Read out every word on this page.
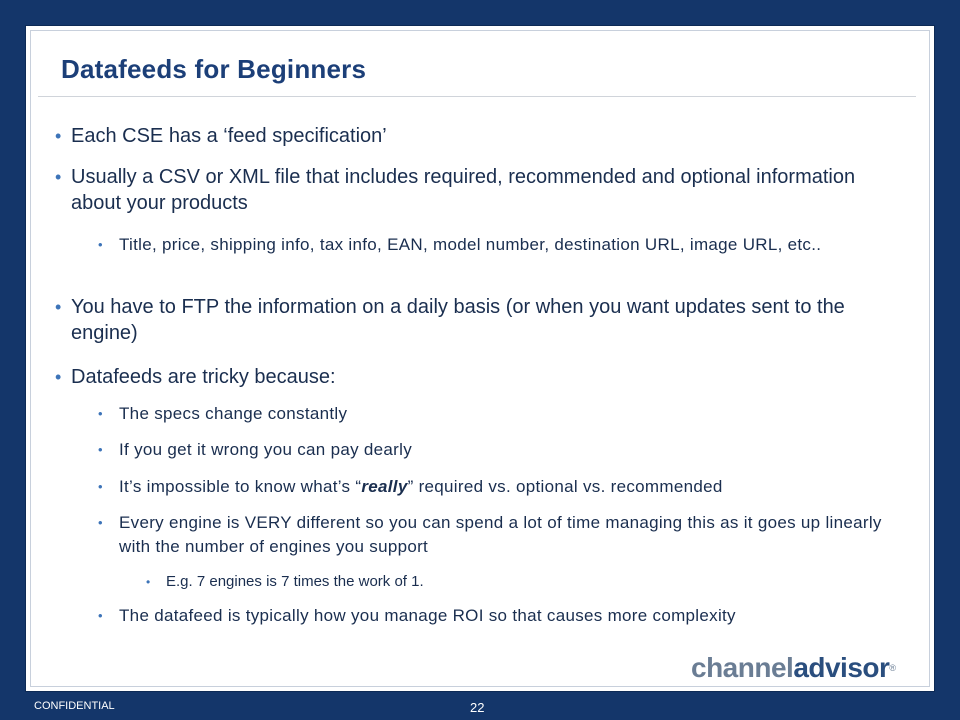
Datafeeds for Beginners
• Each CSE has a ‘feed specification’
• Usually a CSV or XML file that includes required, recommended and optional information about your products
• Title, price, shipping info, tax info, EAN, model number, destination URL, image URL, etc..
• You have to FTP the information on a daily basis (or when you want updates sent to the engine)
• Datafeeds are tricky because:
• The specs change constantly
• If you get it wrong you can pay dearly
• It’s impossible to know what’s “really” required vs. optional vs. recommended
• Every engine is VERY different so you can spend a lot of time managing this as it goes up linearly with the number of engines you support
• E.g. 7 engines is 7 times the work of 1.
• The datafeed is typically how you manage ROI so that causes more complexity
channeladvisor®
CONFIDENTIAL	22
